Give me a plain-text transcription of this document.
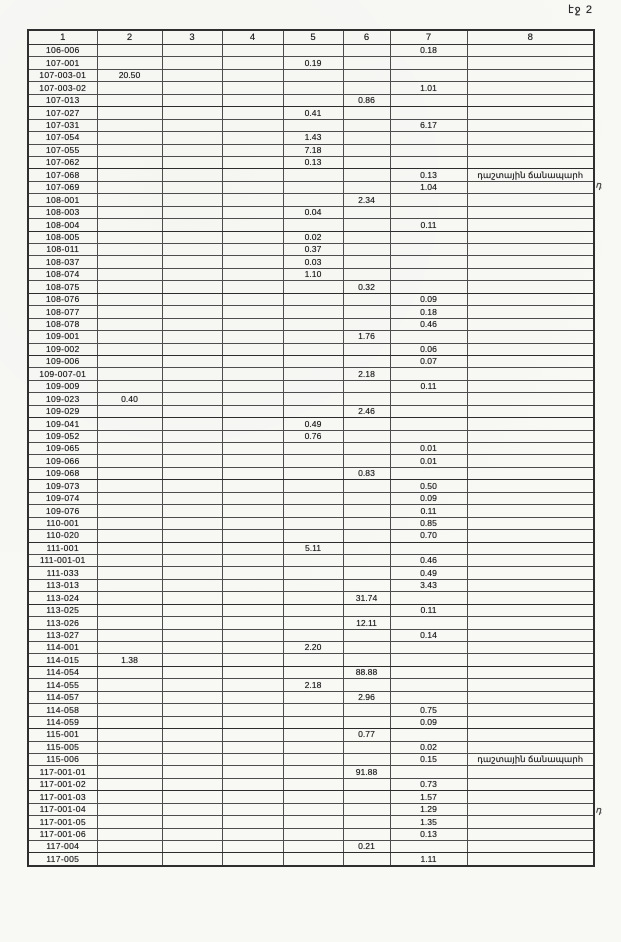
էջ 2
1	2	3	4	5	6	7	8
106-006						0.18	
107-001				0.19			
107-003-01	20.50						
107-003-02						1.01	
107-013					0.86		
107-027				0.41			
107-031						6.17	
107-054				1.43			
107-055				7.18			
107-062				0.13			
107-068						0.13	դաշտային ճանապարհ
107-069						1.04	
108-001					2.34		
108-003				0.04			
108-004						0.11	
108-005				0.02			
108-011				0.37			
108-037				0.03			
108-074				1.10			
108-075					0.32		
108-076						0.09	
108-077						0.18	
108-078						0.46	
109-001					1.76		
109-002						0.06	
109-006						0.07	
109-007-01					2.18		
109-009						0.11	
109-023	0.40						
109-029					2.46		
109-041				0.49			
109-052				0.76			
109-065						0.01	
109-066						0.01	
109-068					0.83		
109-073						0.50	
109-074						0.09	
109-076						0.11	
110-001						0.85	
110-020						0.70	
111-001				5.11			
111-001-01						0.46	
111-033						0.49	
113-013						3.43	
113-024					31.74		
113-025						0.11	
113-026					12.11		
113-027						0.14	
114-001				2.20			
114-015	1.38						
114-054					88.88		
114-055				2.18			
114-057					2.96		
114-058						0.75	
114-059						0.09	
115-001					0.77		
115-005						0.02	
115-006						0.15	դաշտային ճանապարհ
117-001-01					91.88		
117-001-02						0.73	
117-001-03						1.57	
117-001-04						1.29	
117-001-05						1.35	
117-001-06						0.13	
117-004					0.21		
117-005						1.11	
դ
դ
